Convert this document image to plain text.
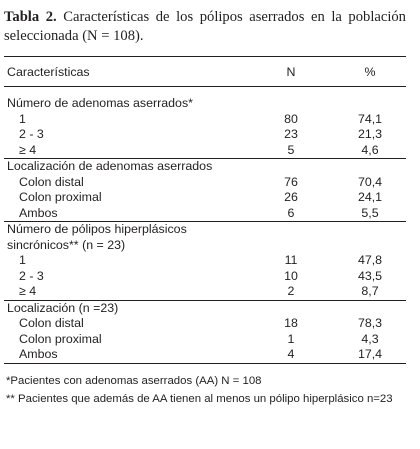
Tabla 2. Características de los pólipos aserrados en la población seleccionada (N = 108).
Características	N	%
Número de adenomas aserrados*
1	80	74,1
2 - 3	23	21,3
≥ 4	5	4,6
Localización de adenomas aserrados
Colon distal	76	70,4
Colon proximal	26	24,1
Ambos	6	5,5
Número de pólipos hiperplásicos sincrónicos** (n = 23)
1	11	47,8
2 - 3	10	43,5
≥ 4	2	8,7
Localización (n =23)
Colon distal	18	78,3
Colon proximal	1	4,3
Ambos	4	17,4
*Pacientes con adenomas aserrados (AA) N = 108
** Pacientes que además de AA tienen al menos un pólipo hiperplásico n=23
